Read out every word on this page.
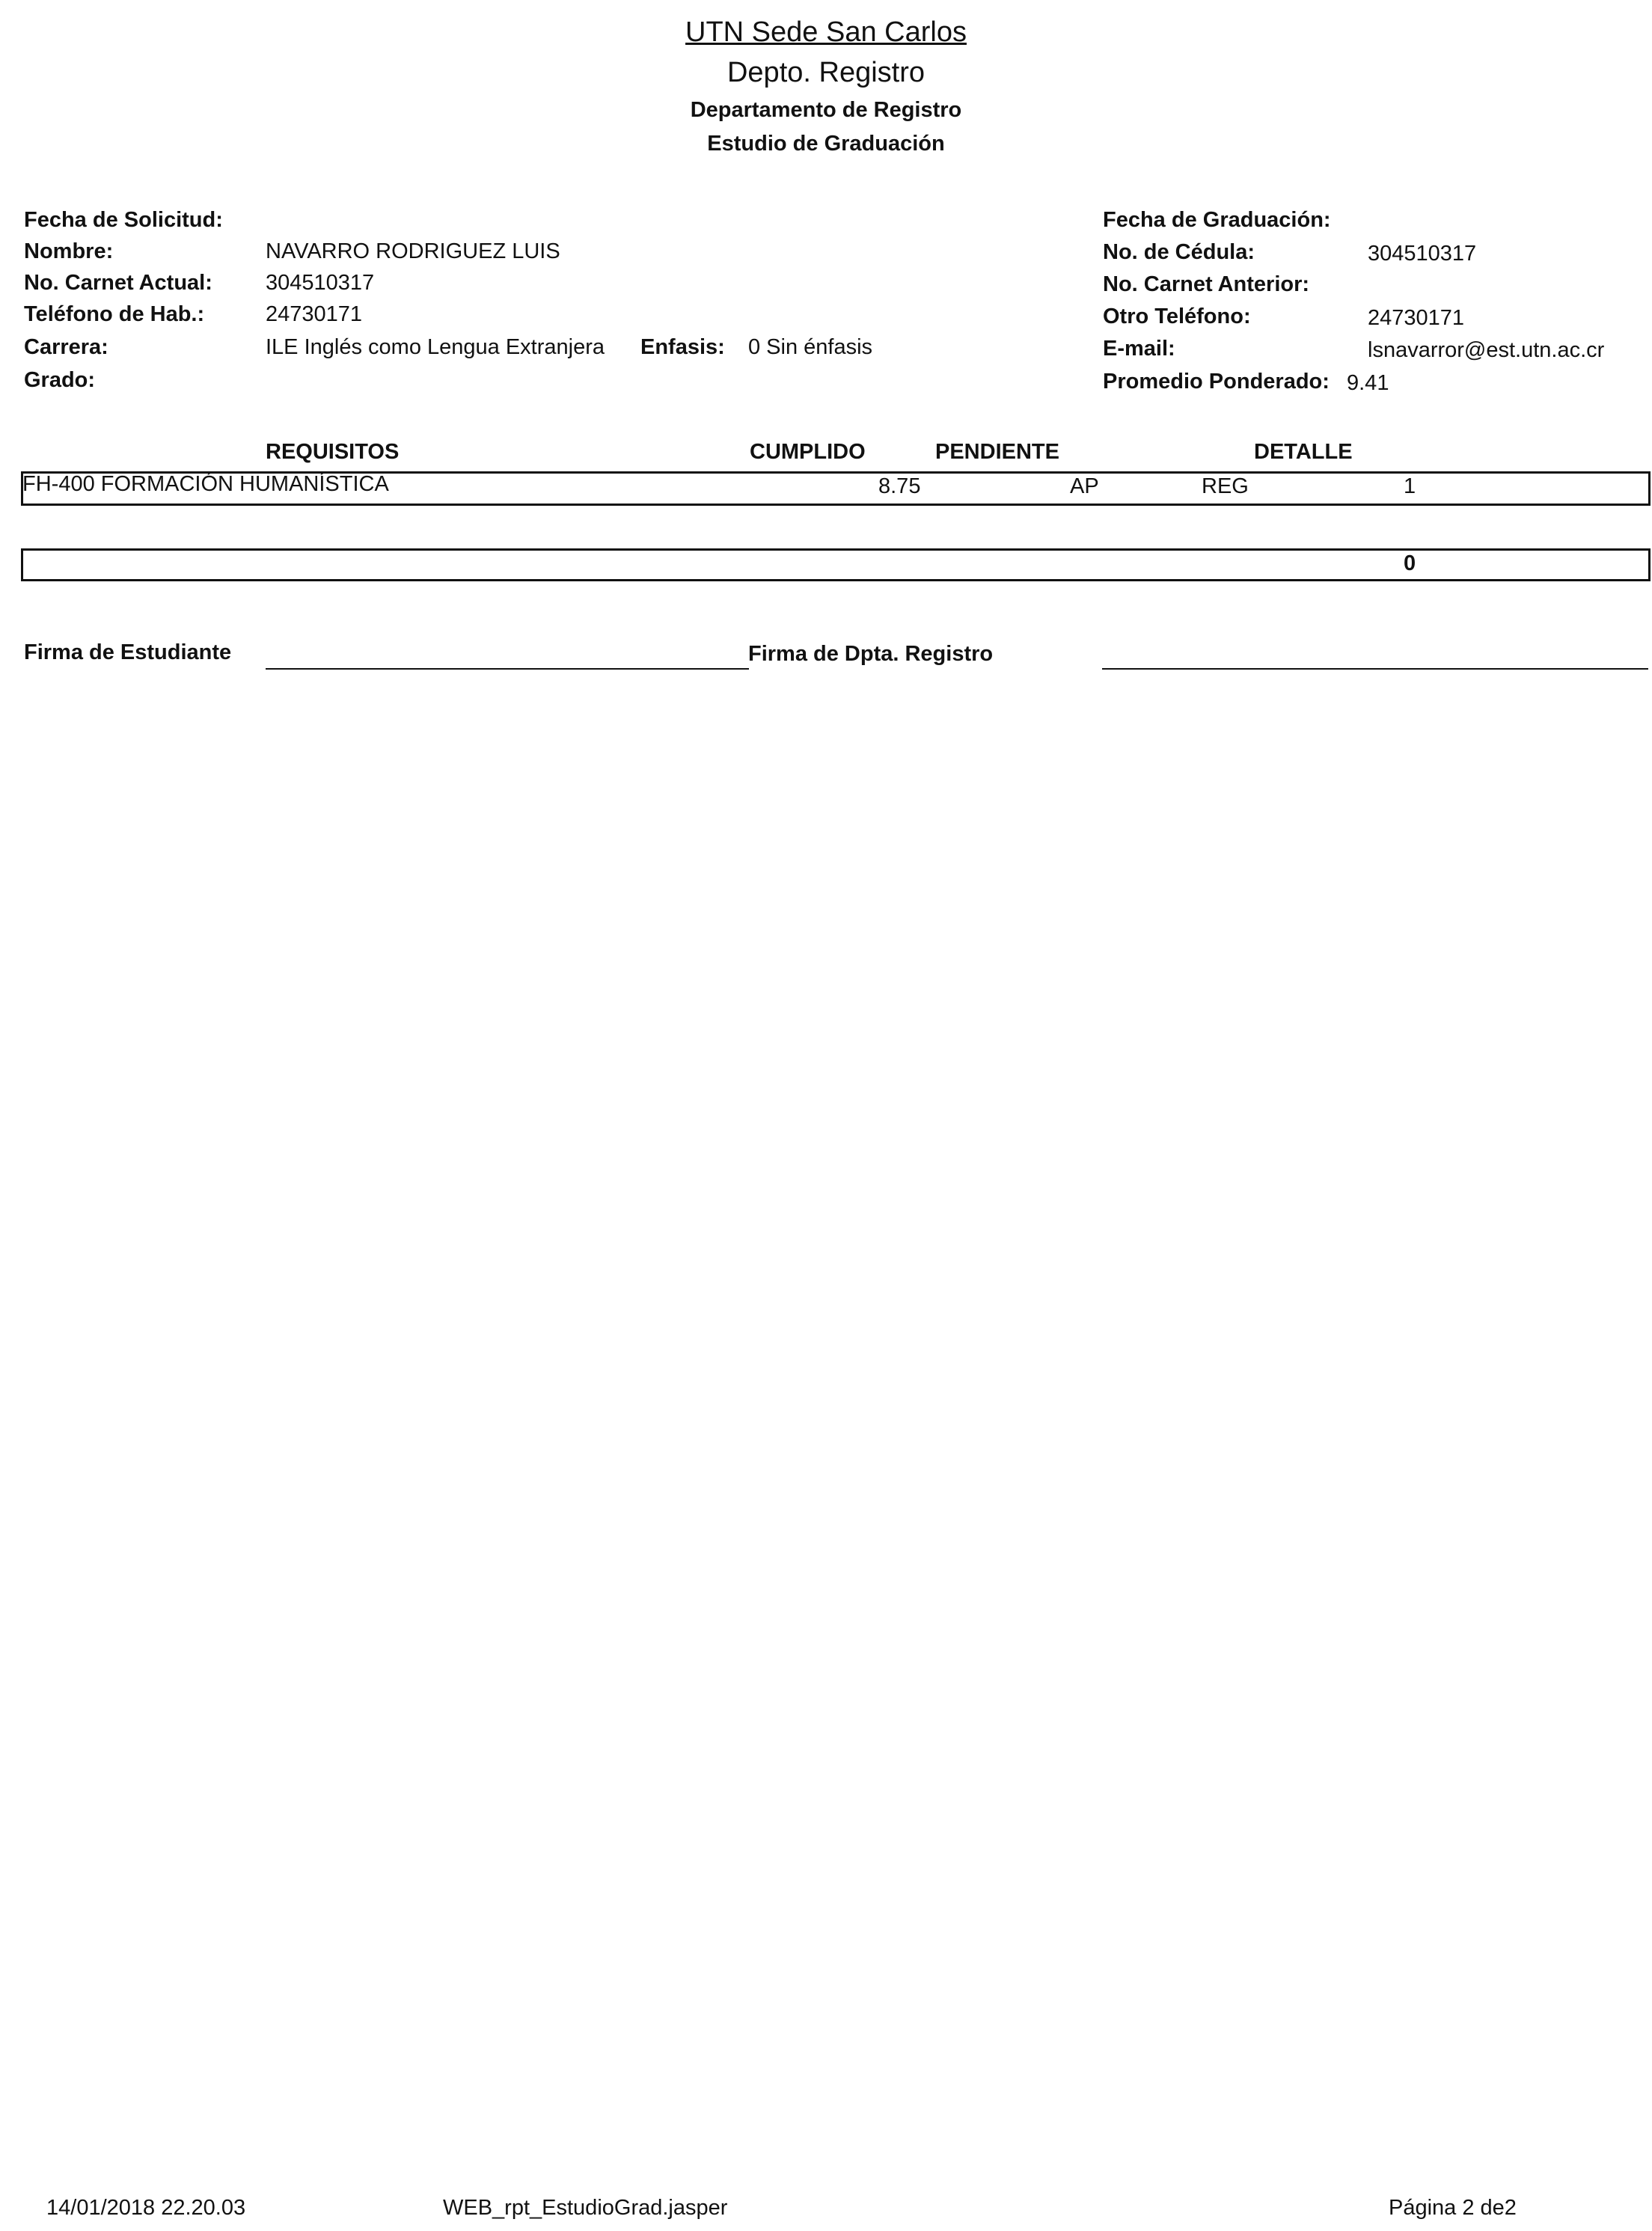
UTN Sede San Carlos
Depto. Registro
Departamento de Registro
Estudio de Graduación
Fecha de Solicitud:
Nombre:	NAVARRO RODRIGUEZ LUIS
No. Carnet Actual: 304510317
Teléfono de Hab.:	24730171
Carrera:	ILE Inglés como Lengua Extranjera Enfasis: 0 Sin énfasis
Grado:
Fecha de Graduación:
No. de Cédula:	304510317
No. Carnet Anterior:
Otro Teléfono:	24730171
E-mail:	lsnavarror@est.utn.ac.cr
Promedio Ponderado: 9.41
REQUISITOS	CUMPLIDO	PENDIENTE	DETALLE
FH-400 FORMACIÓN HUMANÍSTICA	8.75	AP	REG	1
0
Firma de Estudiante	Firma de Dpta. Registro
14/01/2018 22.20.03	WEB_rpt_EstudioGrad.jasper	Página 2 de2
